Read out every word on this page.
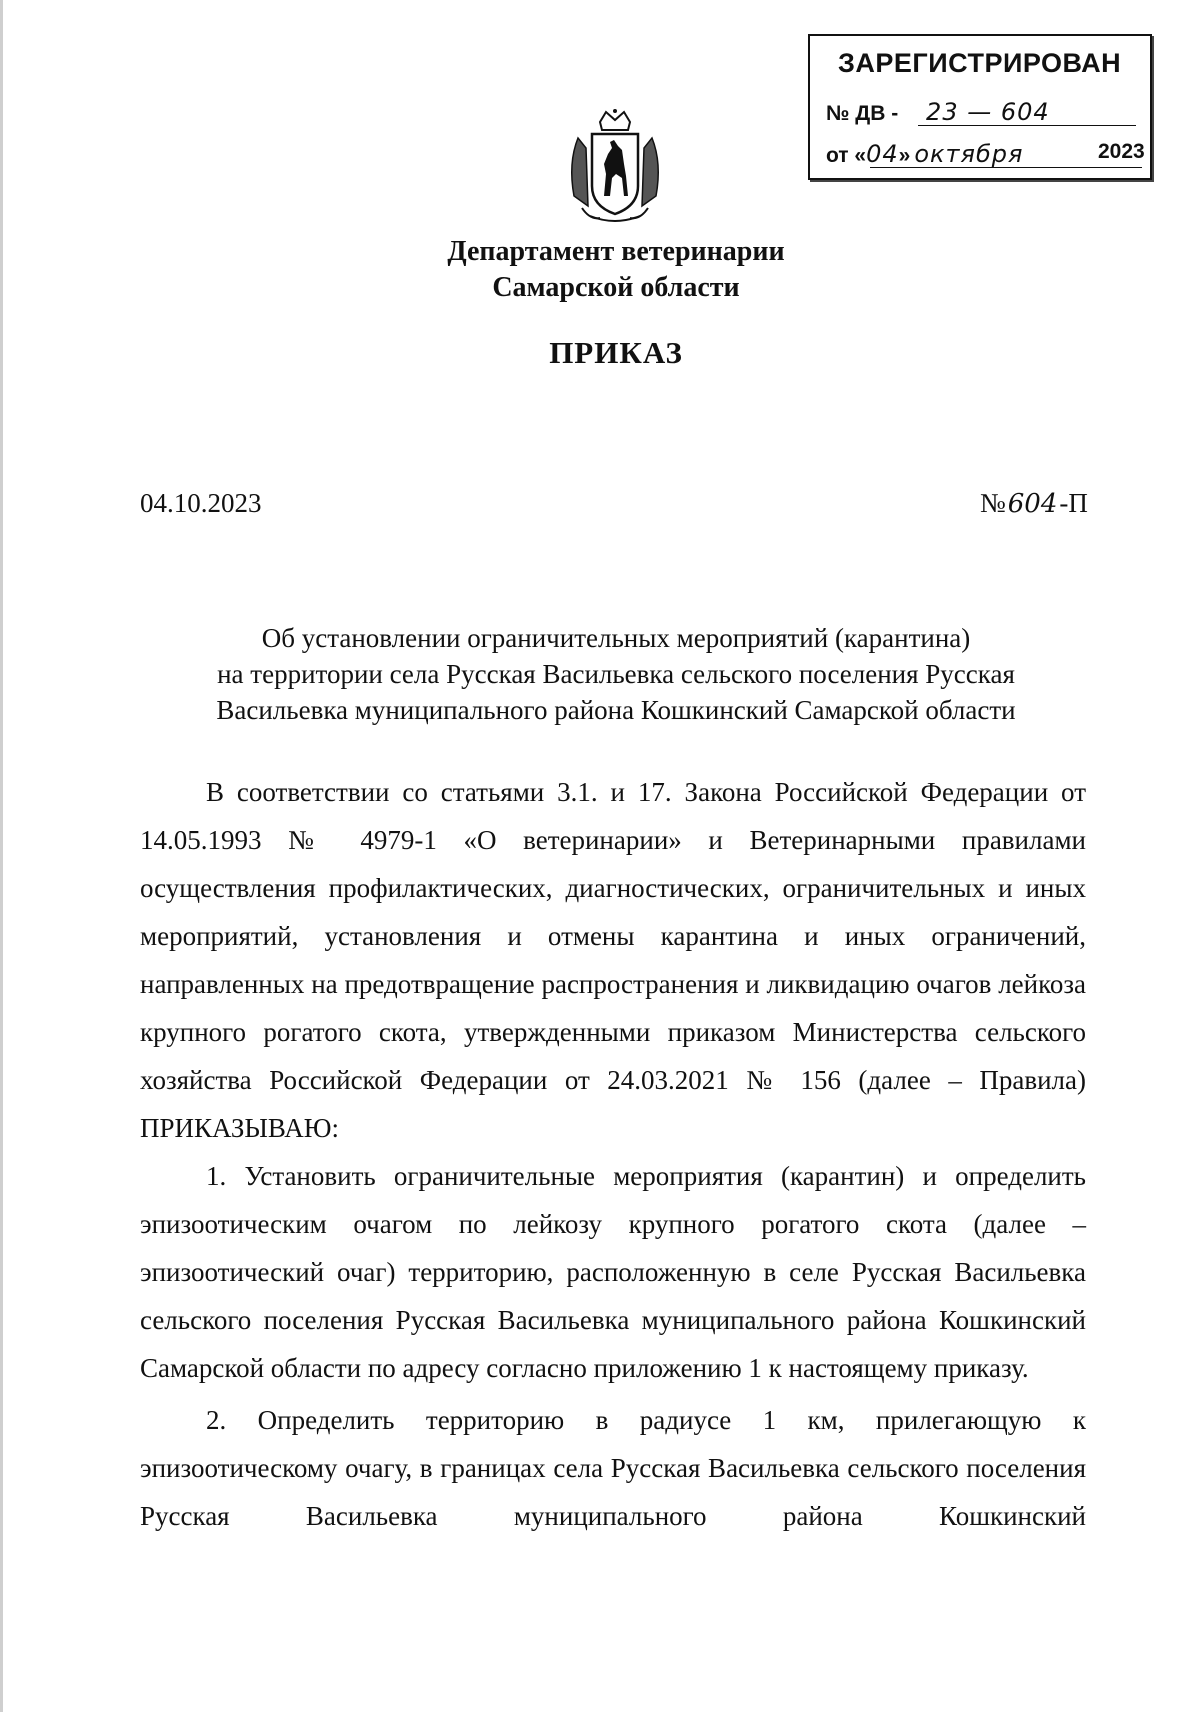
ЗАРЕГИСТРИРОВАН
№ ДВ - 23 — 604
от «04» октября	2023
Департамент ветеринарии
Самарской области
ПРИКАЗ
04.10.2023	№604-П
Об установлении ограничительных мероприятий (карантина)
на территории села Русская Васильевка сельского поселения Русская
Васильевка муниципального района Кошкинский Самарской области

В соответствии со статьями 3.1. и 17. Закона Российской Федерации от 14.05.1993 № 4979-1 «О ветеринарии» и Ветеринарными правилами осуществления профилактических, диагностических, ограничительных и иных мероприятий, установления и отмены карантина и иных ограничений, направленных на предотвращение распространения и ликвидацию очагов лейкоза крупного рогатого скота, утвержденными приказом Министерства сельского хозяйства Российской Федерации от 24.03.2021 № 156 (далее – Правила) ПРИКАЗЫВАЮ:

1. Установить ограничительные мероприятия (карантин) и определить эпизоотическим очагом по лейкозу крупного рогатого скота (далее – эпизоотический очаг) территорию, расположенную в селе Русская Васильевка сельского поселения Русская Васильевка муниципального района Кошкинский Самарской области по адресу согласно приложению 1 к настоящему приказу.

2. Определить территорию в радиусе 1 км, прилегающую к эпизоотическому очагу, в границах села Русская Васильевка сельского поселения Русская Васильевка муниципального района Кошкинский
